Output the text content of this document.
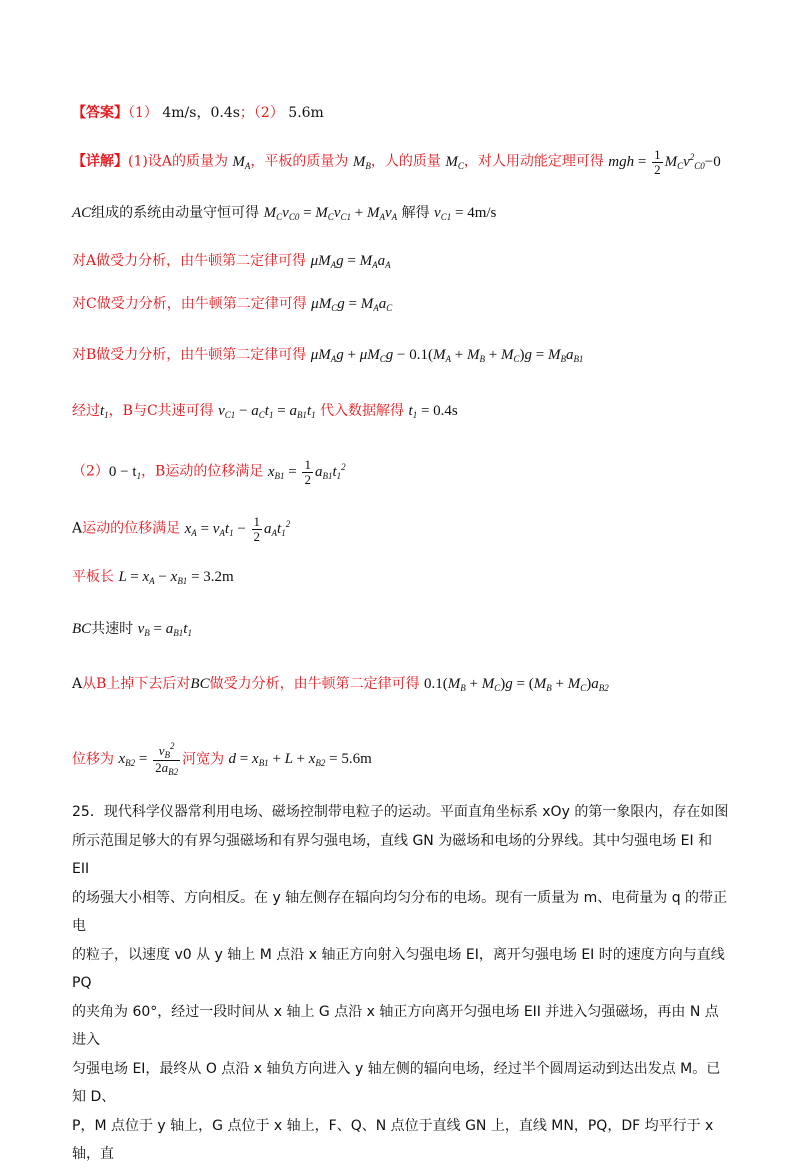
【答案】（1） 4m/s，0.4s；（2） 5.6m
【详解】(1)设A的质量为 $M_A$，平板的质量为 $M_B$，人的质量 $M_C$，对人用动能定理可得 mgh = $\frac{1}{2} M_Cv^2_{C0}-0$
AC组成的系统由动量守恒可得 $M_Cv_{C0} = M_Cv_{C1} + M_Av_A$ 解得 $v_{C1} = 4m/s$
对A做受力分析，由牛顿第二定律可得 $\mu M_Ag = M_Aa_A$
对C做受力分析，由牛顿第二定律可得 $\mu M_Cg = M_Aa_C$
对B做受力分析，由牛顿第二定律可得 $\mu M_Ag + \mu M_Cg - 0.1(M_A + M_B + M_C)g = M_Ba_{B1}$
经过$t_1$，B与C共速可得 $v_{C1} - a_Ct_1 = a_{B1}t_1$ 代入数据解得 $t_1 = 0.4s$
$(2)0 - t_1$，B运动的位移满足 $x_{B1} = \frac{1}{2} a_{B1}t_1^2$
A运动的位移满足 $x_A = v_At_1 - \frac{1}{2} a_At_1^2$
平板长 $L = x_A - x_{B1} = 3.2m$
BC共速时 $v_B = a_{B1}t_1$
A从B上掉下去后对BC做受力分析，由牛顿第二定律可得 $0.1(M_B + M_C)g = (M_B + M_C)a_{B2}$
位移为 $x_{B2} = \frac{v_B^2}{2a_{B2}}$ 河宽为 $d = x_{B1} + L + x_{B2} = 5.6m$

25．现代科学仪器常利用电场、磁场控制带电粒子的运动。平面直角坐标系 xOy 的第一象限内，存在如图

所示范围足够大的有界匀强磁场和有界匀强电场，直线 GN 为磁场和电场的分界线。其中匀强电场 EI 和 EII

的场强大小相等、方向相反。在 y 轴左侧存在辐向均匀分布的电场。现有一质量为 m、电荷量为 q 的带正电

的粒子，以速度 v0 从 y 轴上 M 点沿 x 轴正方向射入匀强电场 EI，离开匀强电场 EI 时的速度方向与直线 PQ

的夹角为 60°，经过一段时间从 x 轴上 G 点沿 x 轴正方向离开匀强电场 EII 并进入匀强磁场，再由 N 点进入

匀强电场 EI，最终从 O 点沿 x 轴负方向进入 y 轴左侧的辐向电场，经过半个圆周运动到达出发点 M。已知 D、

P，M 点位于 y 轴上，G 点位于 x 轴上，F、Q、N 点位于直线 GN 上，直线 MN，PQ，DF 均平行于 x 轴，直
